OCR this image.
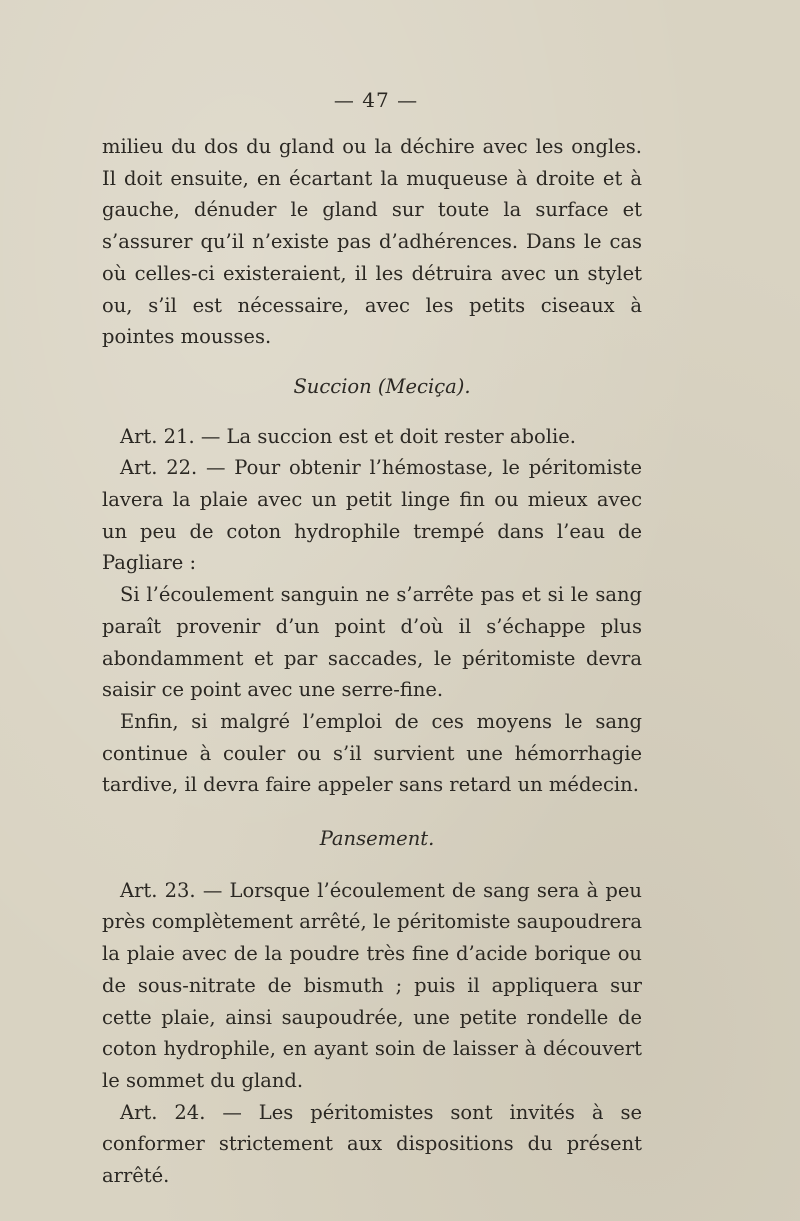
— 47 —

milieu du dos du gland ou la déchire avec les ongles. Il doit ensuite, en écartant la muqueuse à droite et à gauche, dénuder le gland sur toute la surface et s’assurer qu’il n’existe pas d’adhérences. Dans le cas où celles-ci existeraient, il les détruira avec un stylet ou, s’il est nécessaire, avec les petits ciseaux à pointes mousses.

Succion (Meciça).

Art. 21. — La succion est et doit rester abolie.

Art. 22. — Pour obtenir l’hémostase, le péritomiste lavera la plaie avec un petit linge fin ou mieux avec un peu de coton hydrophile trempé dans l’eau de Pagliare :

Si l’écoulement sanguin ne s’arrête pas et si le sang paraît provenir d’un point d’où il s’échappe plus abondamment et par saccades, le péritomiste devra saisir ce point avec une serre-fine.

Enfin, si malgré l’emploi de ces moyens le sang continue à couler ou s’il survient une hémorrhagie tardive, il devra faire appeler sans retard un médecin.

Pansement.

Art. 23. — Lorsque l’écoulement de sang sera à peu près complètement arrêté, le péritomiste saupoudrera la plaie avec de la poudre très fine d’acide borique ou de sous-nitrate de bismuth ; puis il appliquera sur cette plaie, ainsi saupoudrée, une petite rondelle de coton hydrophile, en ayant soin de laisser à découvert le sommet du gland.

Art. 24. — Les péritomistes sont invités à se conformer strictement aux dispositions du présent arrêté.
